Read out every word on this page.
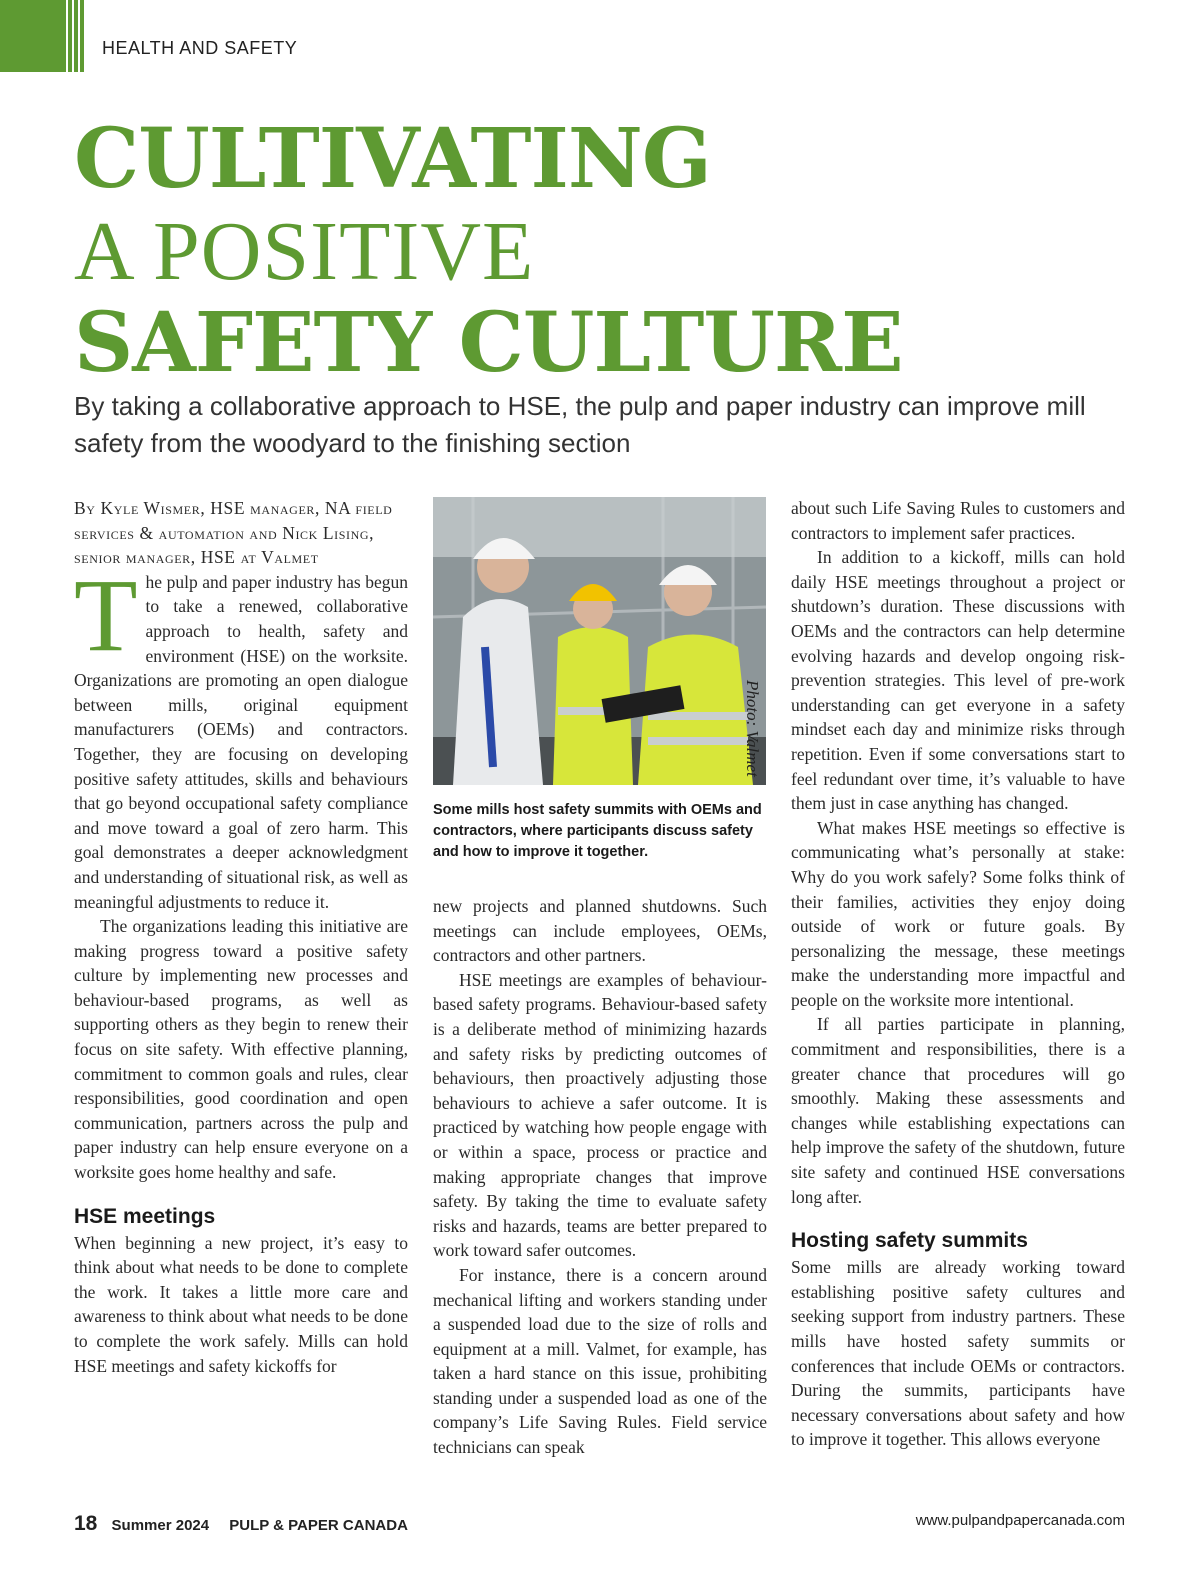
HEALTH AND SAFETY
CULTIVATING
A POSITIVE
SAFETY CULTURE

By taking a collaborative approach to HSE, the pulp and paper industry can improve mill safety from the woodyard to the finishing section

By Kyle Wismer, HSE manager, NA field services & automation and Nick Lising, senior manager, HSE at Valmet

The pulp and paper industry has begun to take a renewed, collaborative approach to health, safety and environment (HSE) on the worksite. Organizations are promoting an open dialogue between mills, original equipment manufacturers (OEMs) and contractors. Together, they are focusing on developing positive safety attitudes, skills and behaviours that go beyond occupational safety compliance and move toward a goal of zero harm. This goal demonstrates a deeper acknowledgment and understanding of situational risk, as well as meaningful adjustments to reduce it.

The organizations leading this initiative are making progress toward a positive safety culture by implementing new processes and behaviour-based programs, as well as supporting others as they begin to renew their focus on site safety. With effective planning, commitment to common goals and rules, clear responsibilities, good coordination and open communication, partners across the pulp and paper industry can help ensure everyone on a worksite goes home healthy and safe.

HSE meetings

When beginning a new project, it’s easy to think about what needs to be done to complete the work. It takes a little more care and awareness to think about what needs to be done to complete the work safely. Mills can hold HSE meetings and safety kickoffs for

Some mills host safety summits with OEMs and contractors, where participants discuss safety and how to improve it together.

new projects and planned shutdowns. Such meetings can include employees, OEMs, contractors and other partners.

HSE meetings are examples of behaviour-based safety programs. Behaviour-based safety is a deliberate method of minimizing hazards and safety risks by predicting outcomes of behaviours, then proactively adjusting those behaviours to achieve a safer outcome. It is practiced by watching how people engage with or within a space, process or practice and making appropriate changes that improve safety. By taking the time to evaluate safety risks and hazards, teams are better prepared to work toward safer outcomes.

For instance, there is a concern around mechanical lifting and workers standing under a suspended load due to the size of rolls and equipment at a mill. Valmet, for example, has taken a hard stance on this issue, prohibiting standing under a suspended load as one of the company’s Life Saving Rules. Field service technicians can speak

about such Life Saving Rules to customers and contractors to implement safer practices.

In addition to a kickoff, mills can hold daily HSE meetings throughout a project or shutdown’s duration. These discussions with OEMs and the contractors can help determine evolving hazards and develop ongoing risk-prevention strategies. This level of pre-work understanding can get everyone in a safety mindset each day and minimize risks through repetition. Even if some conversations start to feel redundant over time, it’s valuable to have them just in case anything has changed.

What makes HSE meetings so effective is communicating what’s personally at stake: Why do you work safely? Some folks think of their families, activities they enjoy doing outside of work or future goals. By personalizing the message, these meetings make the understanding more impactful and people on the worksite more intentional.

If all parties participate in planning, commitment and responsibilities, there is a greater chance that procedures will go smoothly. Making these assessments and changes while establishing expectations can help improve the safety of the shutdown, future site safety and continued HSE conversations long after.

Hosting safety summits

Some mills are already working toward establishing positive safety cultures and seeking support from industry partners. These mills have hosted safety summits or conferences that include OEMs or contractors. During the summits, participants have necessary conversations about safety and how to improve it together. This allows everyone

18 Summer 2024 PULP & PAPER CANADA	www.pulpandpapercanada.com
